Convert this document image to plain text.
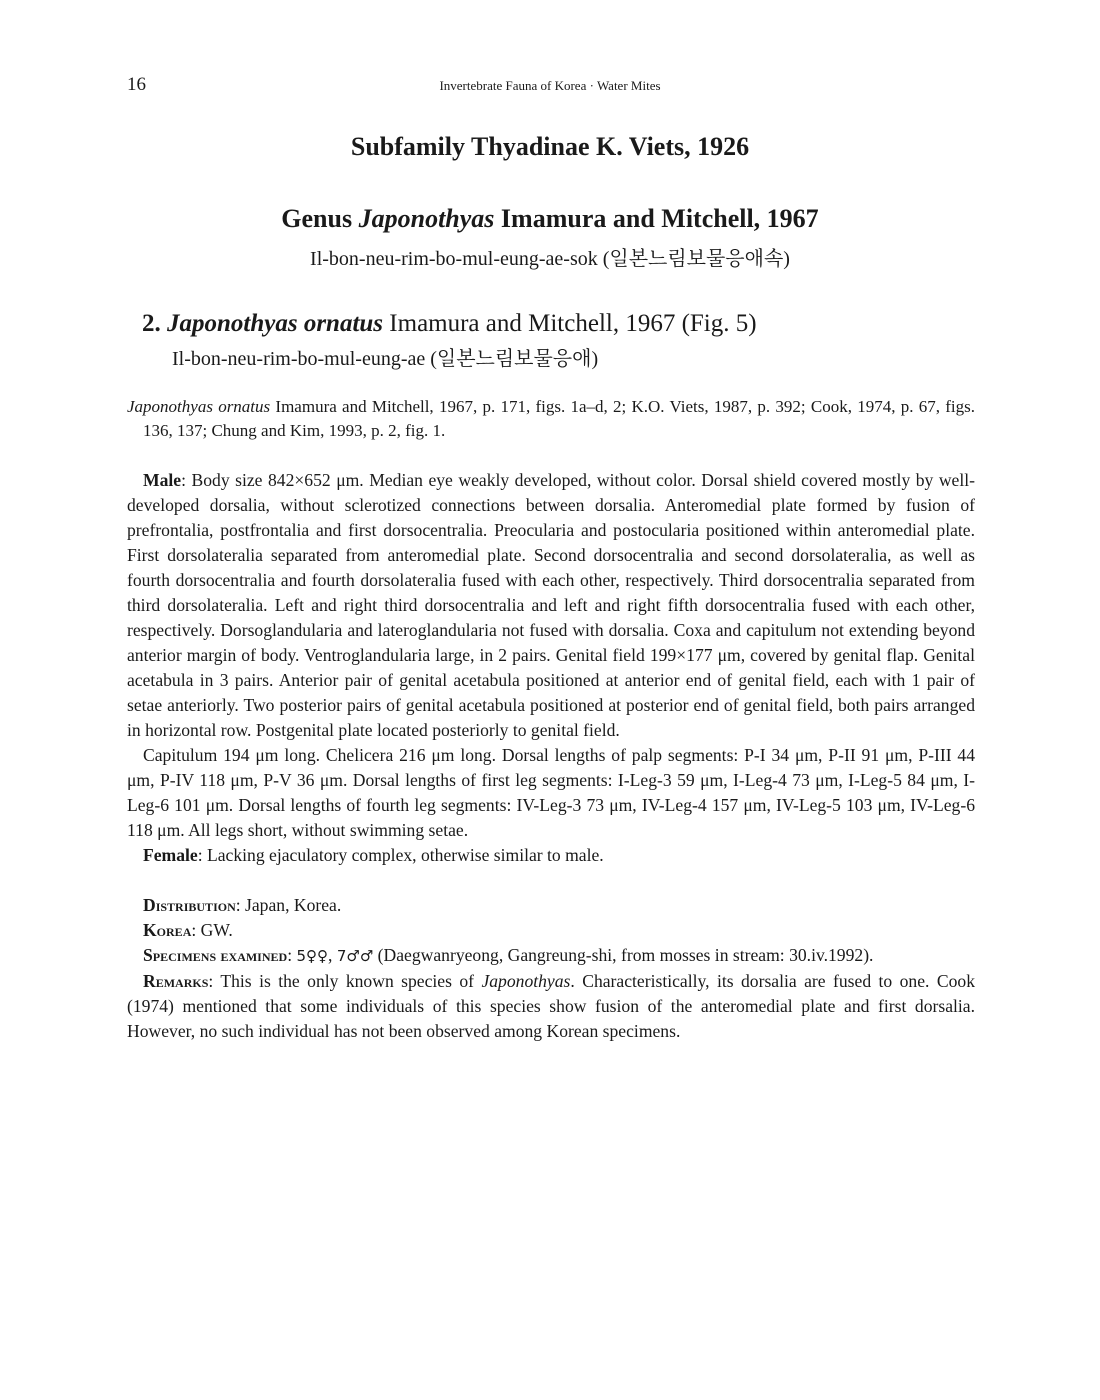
16	Invertebrate Fauna of Korea · Water Mites
Subfamily Thyadinae K. Viets, 1926
Genus Japonothyas Imamura and Mitchell, 1967
Il-bon-neu-rim-bo-mul-eung-ae-sok (일본느림보물응애속)
2. Japonothyas ornatus Imamura and Mitchell, 1967 (Fig. 5)
Il-bon-neu-rim-bo-mul-eung-ae (일본느림보물응애)
Japonothyas ornatus Imamura and Mitchell, 1967, p. 171, figs. 1a–d, 2; K.O. Viets, 1987, p. 392; Cook, 1974, p. 67, figs. 136, 137; Chung and Kim, 1993, p. 2, fig. 1.

Male: Body size 842×652 μm. Median eye weakly developed, without color. Dorsal shield covered mostly by well-developed dorsalia, without sclerotized connections between dorsalia. Anteromedial plate formed by fusion of prefrontalia, postfrontalia and first dorsocentralia. Preocularia and postocularia positioned within anteromedial plate. First dorsolateralia separated from anteromedial plate. Second dorsocentralia and second dorsolateralia, as well as fourth dorsocentralia and fourth dorsolateralia fused with each other, respectively. Third dorsocentralia separated from third dorsolateralia. Left and right third dorsocentralia and left and right fifth dorsocentralia fused with each other, respectively. Dorsoglandularia and lateroglandularia not fused with dorsalia. Coxa and capitulum not extending beyond anterior margin of body. Ventroglandularia large, in 2 pairs. Genital field 199×177 μm, covered by genital flap. Genital acetabula in 3 pairs. Anterior pair of genital acetabula positioned at anterior end of genital field, each with 1 pair of setae anteriorly. Two posterior pairs of genital acetabula positioned at posterior end of genital field, both pairs arranged in horizontal row. Postgenital plate located posteriorly to genital field.

Capitulum 194 μm long. Chelicera 216 μm long. Dorsal lengths of palp segments: P-I 34 μm, P-II 91 μm, P-III 44 μm, P-IV 118 μm, P-V 36 μm. Dorsal lengths of first leg segments: I-Leg-3 59 μm, I-Leg-4 73 μm, I-Leg-5 84 μm, I-Leg-6 101 μm. Dorsal lengths of fourth leg segments: IV-Leg-3 73 μm, IV-Leg-4 157 μm, IV-Leg-5 103 μm, IV-Leg-6 118 μm. All legs short, without swimming setae.

Female: Lacking ejaculatory complex, otherwise similar to male.

Distribution: Japan, Korea.

Korea: GW.

Specimens examined: 5♀♀, 7♂♂ (Daegwanryeong, Gangreung-shi, from mosses in stream: 30.iv.1992).

Remarks: This is the only known species of Japonothyas. Characteristically, its dorsalia are fused to one. Cook (1974) mentioned that some individuals of this species show fusion of the anteromedial plate and first dorsalia. However, no such individual has not been observed among Korean specimens.
